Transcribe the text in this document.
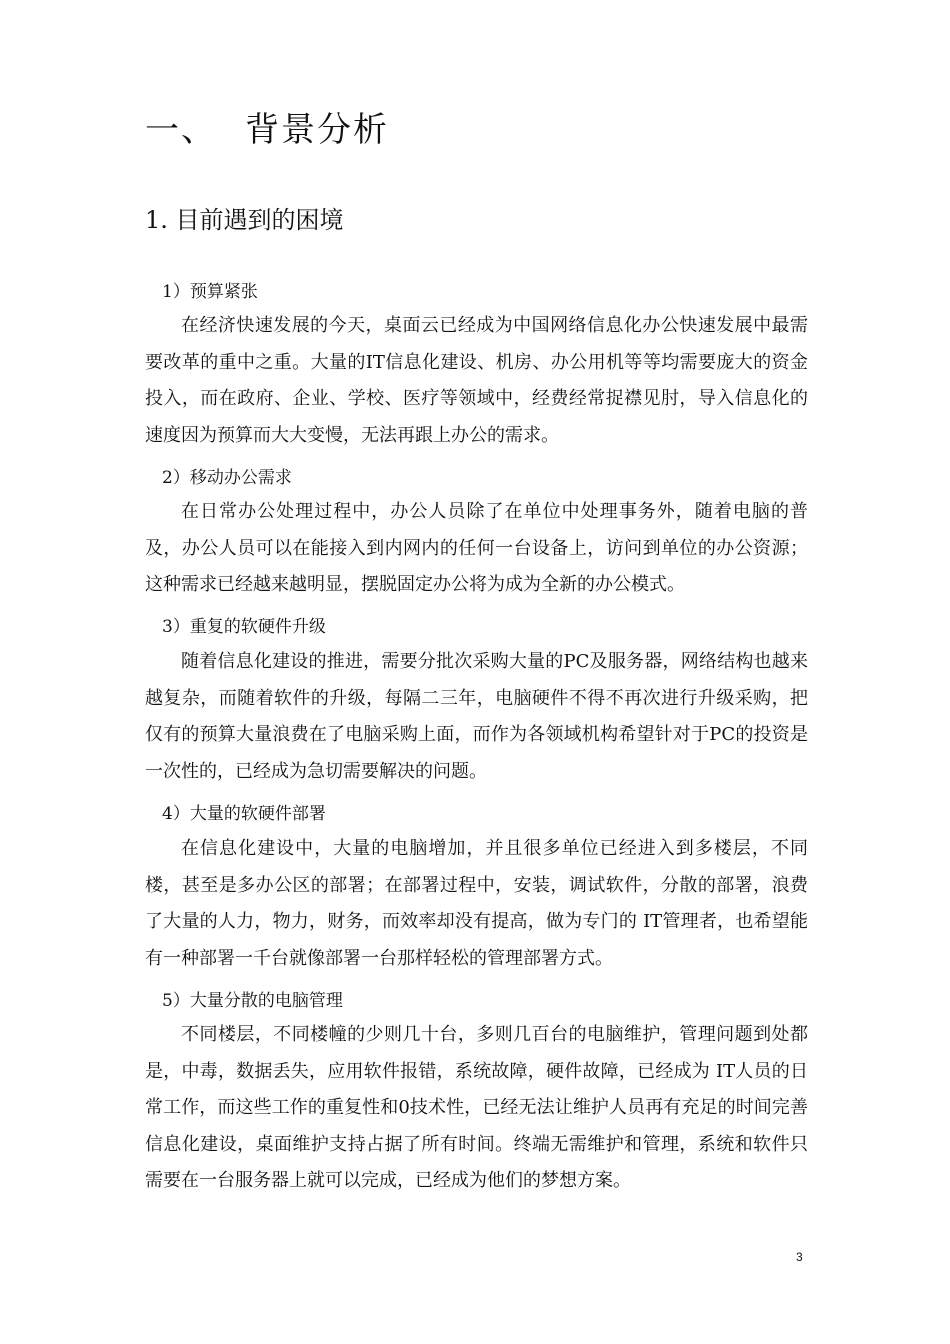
一、 背景分析
1. 目前遇到的困境
1）预算紧张

在经济快速发展的今天，桌面云已经成为中国网络信息化办公快速发展中最需要改革的重中之重。大量的IT信息化建设、机房、办公用机等等均需要庞大的资金投入，而在政府、企业、学校、医疗等领域中，经费经常捉襟见肘，导入信息化的速度因为预算而大大变慢，无法再跟上办公的需求。

2）移动办公需求

在日常办公处理过程中，办公人员除了在单位中处理事务外，随着电脑的普及，办公人员可以在能接入到内网内的任何一台设备上，访问到单位的办公资源；这种需求已经越来越明显，摆脱固定办公将为成为全新的办公模式。

3）重复的软硬件升级

随着信息化建设的推进，需要分批次采购大量的PC及服务器，网络结构也越来越复杂，而随着软件的升级，每隔二三年，电脑硬件不得不再次进行升级采购，把仅有的预算大量浪费在了电脑采购上面，而作为各领域机构希望针对于PC的投资是一次性的，已经成为急切需要解决的问题。

4）大量的软硬件部署

在信息化建设中，大量的电脑增加，并且很多单位已经进入到多楼层，不同楼，甚至是多办公区的部署；在部署过程中，安装，调试软件，分散的部署，浪费了大量的人力，物力，财务，而效率却没有提高，做为专门的 IT管理者，也希望能有一种部署一千台就像部署一台那样轻松的管理部署方式。

5）大量分散的电脑管理

不同楼层，不同楼幢的少则几十台，多则几百台的电脑维护，管理问题到处都是，中毒，数据丢失，应用软件报错，系统故障，硬件故障，已经成为 IT人员的日常工作，而这些工作的重复性和0技术性，已经无法让维护人员再有充足的时间完善信息化建设，桌面维护支持占据了所有时间。终端无需维护和管理，系统和软件只需要在一台服务器上就可以完成，已经成为他们的梦想方案。

3
